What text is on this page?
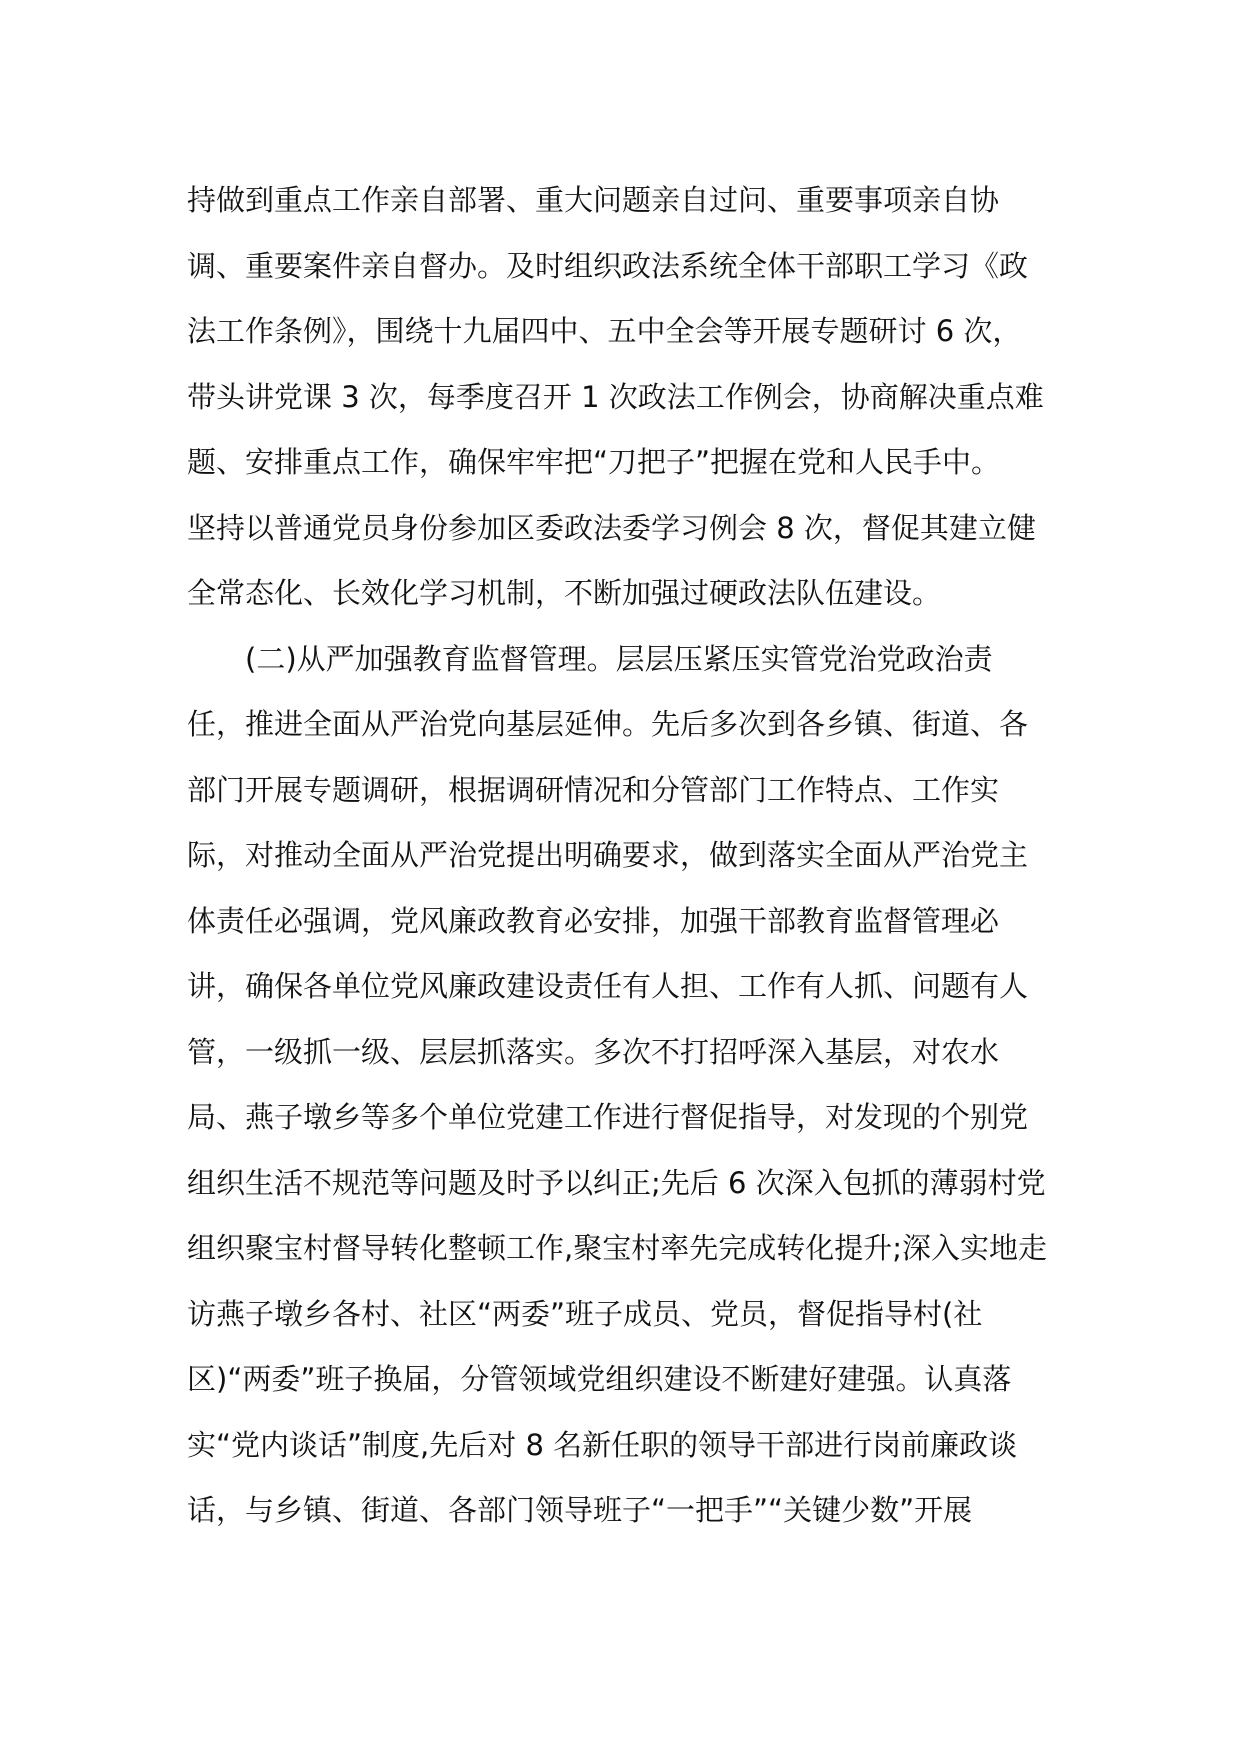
持做到重点工作亲自部署、重大问题亲自过问、重要事项亲自协
调、重要案件亲自督办。及时组织政法系统全体干部职工学习《政
法工作条例》，围绕十九届四中、五中全会等开展专题研讨 6 次，
带头讲党课 3 次，每季度召开 1 次政法工作例会，协商解决重点难
题、安排重点工作，确保牢牢把“刀把子”把握在党和人民手中。
坚持以普通党员身份参加区委政法委学习例会 8 次，督促其建立健
全常态化、长效化学习机制，不断加强过硬政法队伍建设。
(二)从严加强教育监督管理。层层压紧压实管党治党政治责
任，推进全面从严治党向基层延伸。先后多次到各乡镇、街道、各
部门开展专题调研，根据调研情况和分管部门工作特点、工作实
际，对推动全面从严治党提出明确要求，做到落实全面从严治党主
体责任必强调，党风廉政教育必安排，加强干部教育监督管理必
讲，确保各单位党风廉政建设责任有人担、工作有人抓、问题有人
管，一级抓一级、层层抓落实。多次不打招呼深入基层，对农水
局、燕子墩乡等多个单位党建工作进行督促指导，对发现的个别党
组织生活不规范等问题及时予以纠正;先后 6 次深入包抓的薄弱村党
组织聚宝村督导转化整顿工作,聚宝村率先完成转化提升;深入实地走
访燕子墩乡各村、社区“两委”班子成员、党员，督促指导村(社
区)“两委”班子换届，分管领域党组织建设不断建好建强。认真落
实“党内谈话”制度,先后对 8 名新任职的领导干部进行岗前廉政谈
话，与乡镇、街道、各部门领导班子“一把手”“关键少数”开展
